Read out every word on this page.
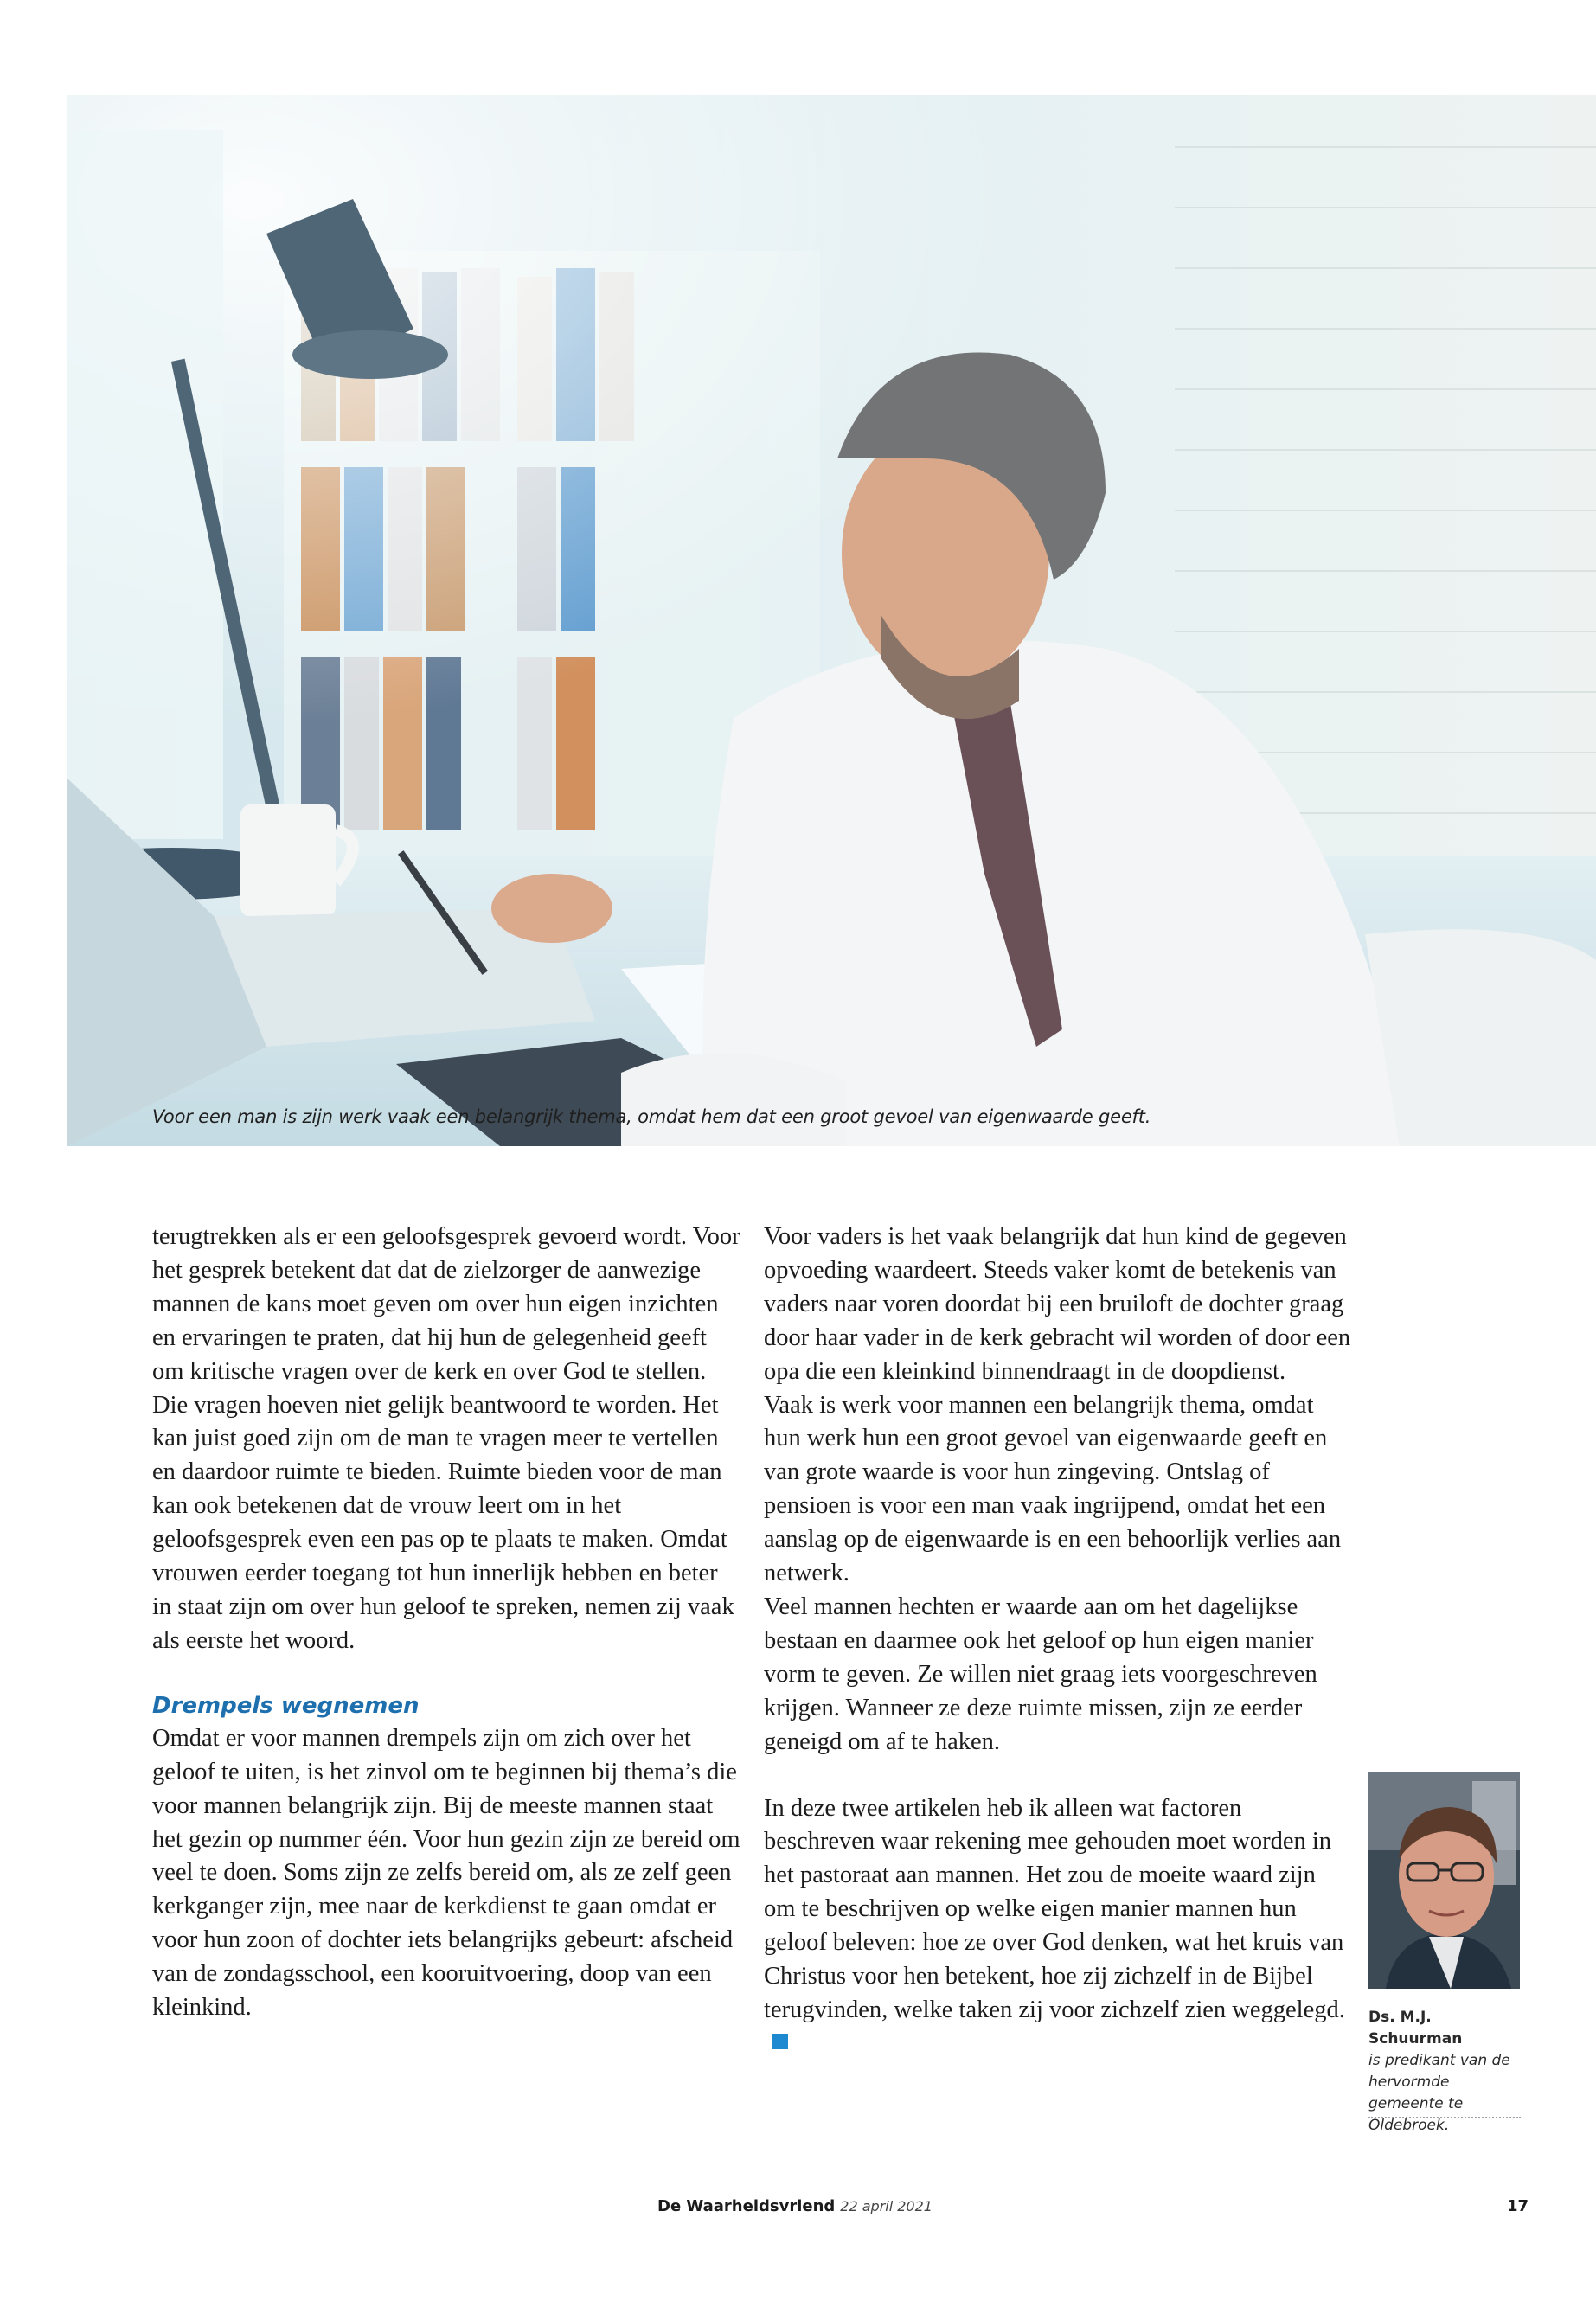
Voor een man is zijn werk vaak een belangrijk thema, omdat hem dat een groot gevoel van eigenwaarde geeft.

terugtrekken als er een geloofsgesprek gevoerd wordt. Voor het gesprek betekent dat dat de zielzorger de aanwezige mannen de kans moet geven om over hun eigen inzichten en ervaringen te praten, dat hij hun de gelegenheid geeft om kritische vragen over de kerk en over God te stellen.

Die vragen hoeven niet gelijk beantwoord te worden. Het kan juist goed zijn om de man te vragen meer te vertellen en daardoor ruimte te bieden. Ruimte bieden voor de man kan ook betekenen dat de vrouw leert om in het geloofsgesprek even een pas op te plaats te maken. Omdat vrouwen eerder toegang tot hun innerlijk hebben en beter in staat zijn om over hun geloof te spreken, nemen zij vaak als eerste het woord.

Drempels wegnemen

Omdat er voor mannen drempels zijn om zich over het geloof te uiten, is het zinvol om te beginnen bij thema’s die voor mannen belangrijk zijn. Bij de meeste mannen staat het gezin op nummer één. Voor hun gezin zijn ze bereid om veel te doen. Soms zijn ze zelfs bereid om, als ze zelf geen kerkganger zijn, mee naar de kerkdienst te gaan omdat er voor hun zoon of dochter iets belangrijks gebeurt: afscheid van de zondagsschool, een kooruitvoering, doop van een kleinkind.

Voor vaders is het vaak belangrijk dat hun kind de gegeven opvoeding waardeert. Steeds vaker komt de betekenis van vaders naar voren doordat bij een bruiloft de dochter graag door haar vader in de kerk gebracht wil worden of door een opa die een kleinkind binnendraagt in de doopdienst.

Vaak is werk voor mannen een belangrijk thema, omdat hun werk hun een groot gevoel van eigenwaarde geeft en van grote waarde is voor hun zingeving. Ontslag of pensioen is voor een man vaak ingrijpend, omdat het een aanslag op de eigenwaarde is en een behoorlijk verlies aan netwerk.

Veel mannen hechten er waarde aan om het dagelijkse bestaan en daarmee ook het geloof op hun eigen manier vorm te geven. Ze willen niet graag iets voorgeschreven krijgen. Wanneer ze deze ruimte missen, zijn ze eerder geneigd om af te haken.

In deze twee artikelen heb ik alleen wat factoren beschreven waar rekening mee gehouden moet worden in het pastoraat aan mannen. Het zou de moeite waard zijn om te beschrijven op welke eigen manier mannen hun geloof beleven: hoe ze over God denken, wat het kruis van Christus voor hen betekent, hoe zij zichzelf in de Bijbel terugvinden, welke taken zij voor zichzelf zien weggelegd.	Ds. M.J. Schuurman
is predikant van de hervormde gemeente te Oldebroek.
De Waarheidsvriend 22 april 2021	17
